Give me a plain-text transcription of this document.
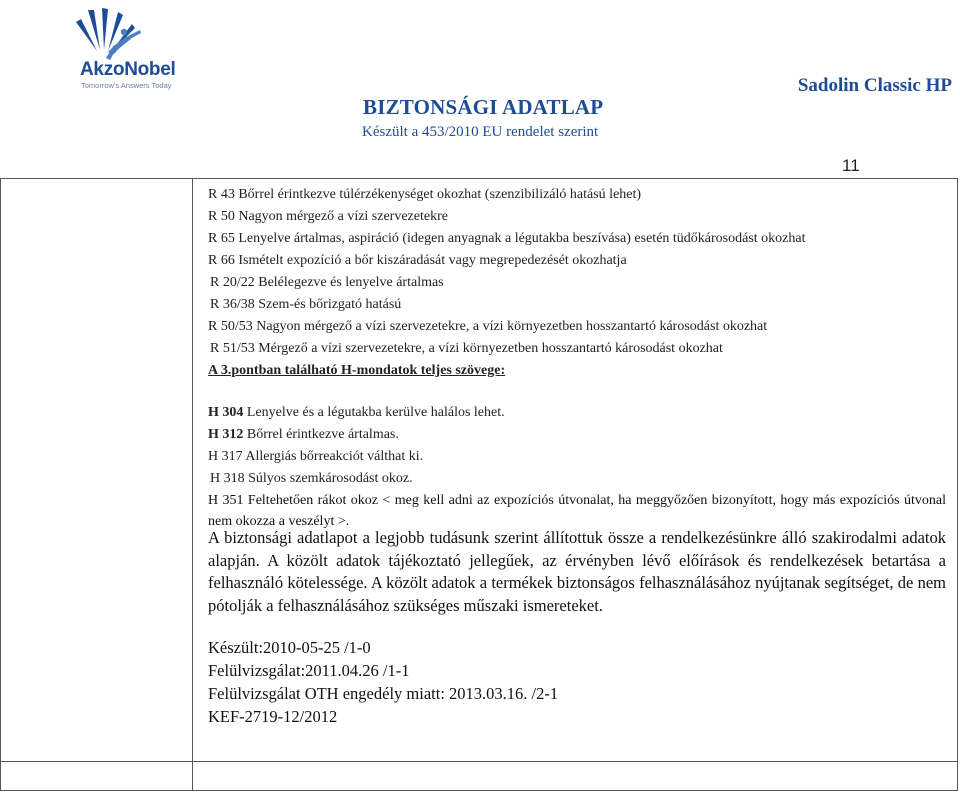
AkzoNobel
Tomorrow's Answers Today
BIZTONSÁGI ADATLAP
Készült a 453/2010 EU rendelet szerint
Sadolin Classic HP
11
R 43 Bőrrel érintkezve túlérzékenységet okozhat (szenzibilizáló hatású lehet)
R 50 Nagyon mérgező a vízi szervezetekre
R 65 Lenyelve ártalmas, aspiráció (idegen anyagnak a légutakba beszívása) esetén tüdőkárosodást okozhat
R 66 Ismételt expozíció a bőr kiszáradását vagy megrepedezését okozhatja
R 20/22 Belélegezve és lenyelve ártalmas
R 36/38 Szem-és bőrizgató hatású
R 50/53 Nagyon mérgező a vízi szervezetekre, a vízi környezetben hosszantartó károsodást okozhat
R 51/53 Mérgező a vízi szervezetekre, a vízi környezetben hosszantartó károsodást okozhat
A 3.pontban található H-mondatok teljes szövege:
H 304 Lenyelve és a légutakba kerülve halálos lehet.
H 312 Bőrrel érintkezve ártalmas.
H 317 Allergiás bőrreakciót válthat ki.
H 318 Súlyos szemkárosodást okoz.
H 351 Feltehetően rákot okoz < meg kell adni az expozíciós útvonalat, ha meggyőzően bizonyított, hogy más expozíciós útvonal nem okozza a veszélyt >.
A biztonsági adatlapot a legjobb tudásunk szerint állítottuk össze a rendelkezésünkre álló szakirodalmi adatok alapján. A közölt adatok tájékoztató jellegűek, az érvényben lévő előírások és rendelkezések betartása a felhasználó kötelessége. A közölt adatok a termékek biztonságos felhasználásához nyújtanak segítséget, de nem pótolják a felhasználásához szükséges műszaki ismereteket.
Készült:2010-05-25 /1-0
Felülvizsgálat:2011.04.26 /1-1
Felülvizsgálat OTH engedély miatt: 2013.03.16. /2-1
KEF-2719-12/2012
